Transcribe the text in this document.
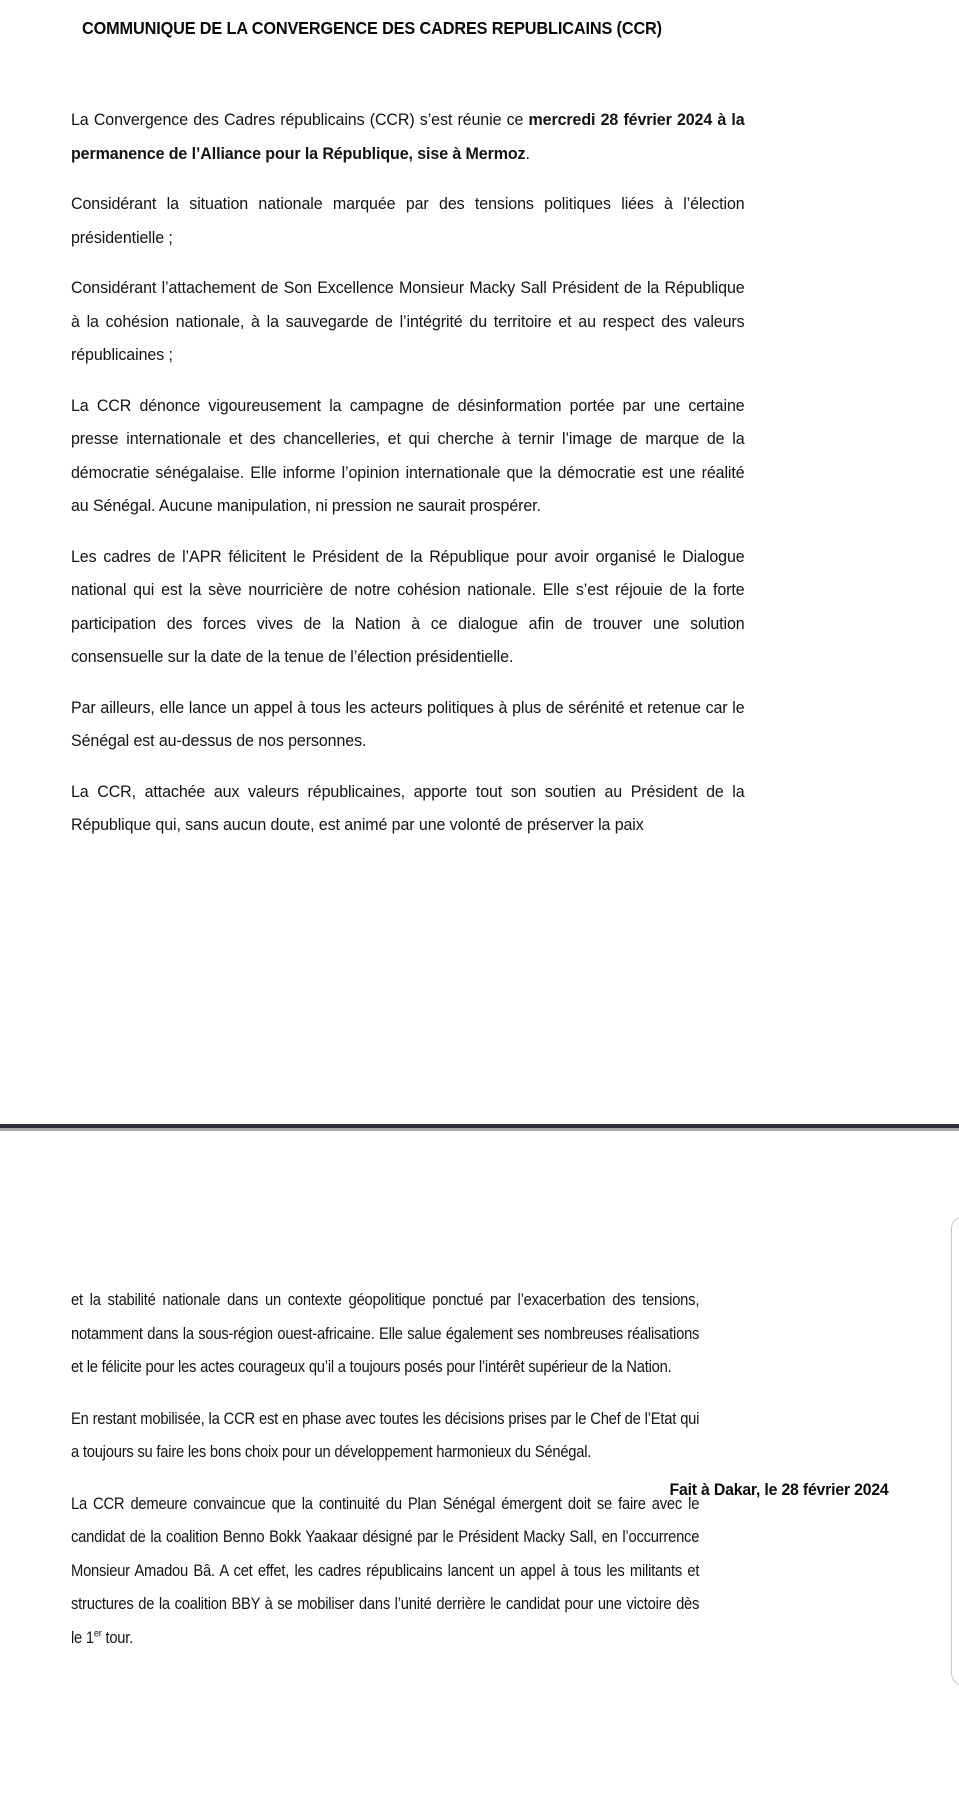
COMMUNIQUE DE LA CONVERGENCE DES CADRES REPUBLICAINS (CCR)

La Convergence des Cadres républicains (CCR) s’est réunie ce mercredi 28 février 2024 à la permanence de l’Alliance pour la République, sise à Mermoz.

Considérant la situation nationale marquée par des tensions politiques liées à l’élection présidentielle ;

Considérant l’attachement de Son Excellence Monsieur Macky Sall Président de la République à la cohésion nationale, à la sauvegarde de l’intégrité du territoire et au respect des valeurs républicaines ;

La CCR dénonce vigoureusement la campagne de désinformation portée par une certaine presse internationale et des chancelleries, et qui cherche à ternir l’image de marque de la démocratie sénégalaise. Elle informe l’opinion internationale que la démocratie est une réalité au Sénégal. Aucune manipulation, ni pression ne saurait prospérer.

Les cadres de l’APR félicitent le Président de la République pour avoir organisé le Dialogue national qui est la sève nourricière de notre cohésion nationale. Elle s’est réjouie de la forte participation des forces vives de la Nation à ce dialogue afin de trouver une solution consensuelle sur la date de la tenue de l’élection présidentielle.

Par ailleurs, elle lance un appel à tous les acteurs politiques à plus de sérénité et retenue car le Sénégal est au-dessus de nos personnes.

La CCR, attachée aux valeurs républicaines, apporte tout son soutien au Président de la République qui, sans aucun doute, est animé par une volonté de préserver la paix

et la stabilité nationale dans un contexte géopolitique ponctué par l’exacerbation des tensions, notamment dans la sous-région ouest-africaine. Elle salue également ses nombreuses réalisations et le félicite pour les actes courageux qu’il a toujours posés pour l’intérêt supérieur de la Nation.

En restant mobilisée, la CCR est en phase avec toutes les décisions prises par le Chef de l’Etat qui a toujours su faire les bons choix pour un développement harmonieux du Sénégal.

La CCR demeure convaincue que la continuité du Plan Sénégal émergent doit se faire avec le candidat de la coalition Benno Bokk Yaakaar désigné par le Président Macky Sall, en l’occurrence Monsieur Amadou Bâ. A cet effet, les cadres républicains lancent un appel à tous les militants et structures de la coalition BBY à se mobiliser dans l’unité derrière le candidat pour une victoire dès le 1er tour.

Fait à Dakar, le 28 février 2024
